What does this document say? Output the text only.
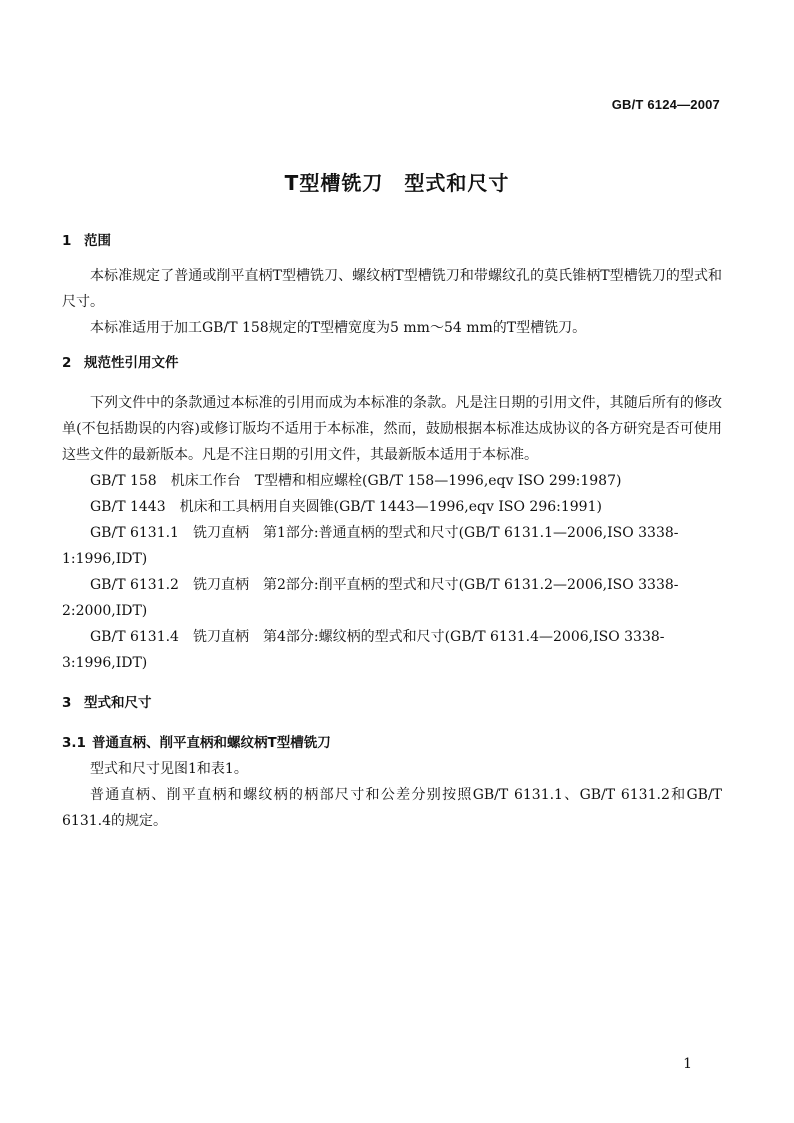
GB/T 6124—2007
T型槽铣刀　型式和尺寸
1 范围

本标准规定了普通或削平直柄T型槽铣刀、螺纹柄T型槽铣刀和带螺纹孔的莫氏锥柄T型槽铣刀的型式和尺寸。

本标准适用于加工GB/T 158规定的T型槽宽度为5 mm～54 mm的T型槽铣刀。

2 规范性引用文件

下列文件中的条款通过本标准的引用而成为本标准的条款。凡是注日期的引用文件，其随后所有的修改单(不包括勘误的内容)或修订版均不适用于本标准，然而，鼓励根据本标准达成协议的各方研究是否可使用这些文件的最新版本。凡是不注日期的引用文件，其最新版本适用于本标准。

GB/T 158　机床工作台　T型槽和相应螺栓(GB/T 158—1996,eqv ISO 299:1987)

GB/T 1443　机床和工具柄用自夹圆锥(GB/T 1443—1996,eqv ISO 296:1991)

GB/T 6131.1　铣刀直柄　第1部分:普通直柄的型式和尺寸(GB/T 6131.1—2006,ISO 3338-1:1996,IDT)

GB/T 6131.2　铣刀直柄　第2部分:削平直柄的型式和尺寸(GB/T 6131.2—2006,ISO 3338-2:2000,IDT)

GB/T 6131.4　铣刀直柄　第4部分:螺纹柄的型式和尺寸(GB/T 6131.4—2006,ISO 3338-3:1996,IDT)

3 型式和尺寸
3.1 普通直柄、削平直柄和螺纹柄T型槽铣刀

型式和尺寸见图1和表1。

普通直柄、削平直柄和螺纹柄的柄部尺寸和公差分别按照GB/T 6131.1、GB/T 6131.2和GB/T 6131.4的规定。

1
